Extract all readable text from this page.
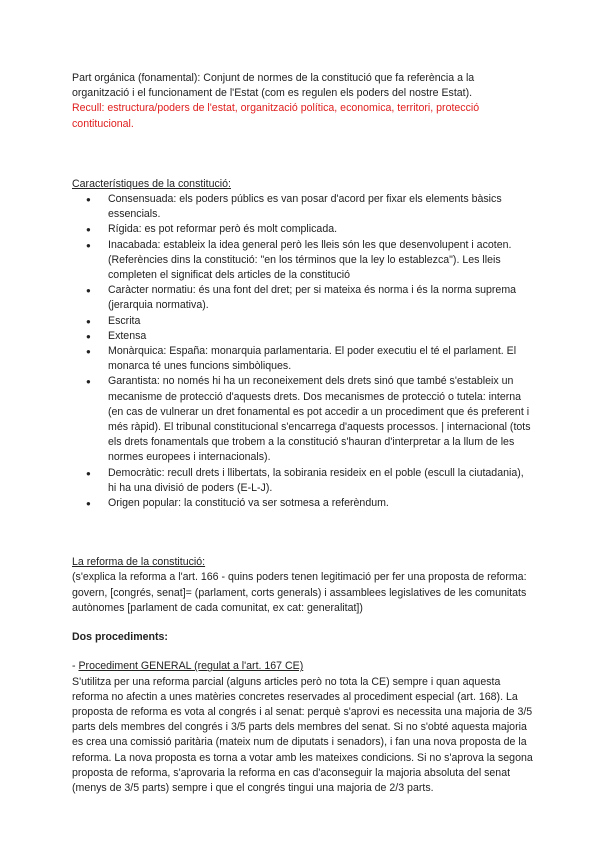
Part orgánica (fonamental): Conjunt de normes de la constitució que fa referència a la organització i el funcionament de l'Estat (com es regulen els poders del nostre Estat).

Recull: estructura/poders de l'estat, organització política, economica, territori, protecció contitucional.

Característiques de la constitució:

● Consensuada: els poders públics es van posar d'acord per fixar els elements bàsics essencials.
● Rígida: es pot reformar però és molt complicada.
● Inacabada: estableix la idea general però les lleis són les que desenvolupent i acoten. (Referències dins la constitució: "en los términos que la ley lo establezca"). Les lleis completen el significat dels articles de la constitució
● Caràcter normatiu: és una font del dret; per si mateixa és norma i és la norma suprema (jerarquia normativa).
● Escrita
● Extensa
● Monàrquica: España: monarquia parlamentaria. El poder executiu el té el parlament. El monarca té unes funcions simbòliques.
● Garantista: no només hi ha un reconeixement dels drets sinó que també s'estableix un mecanisme de protecció d'aquests drets. Dos mecanismes de protecció o tutela: interna (en cas de vulnerar un dret fonamental es pot accedir a un procediment que és preferent i més ràpid). El tribunal constitucional s'encarrega d'aquests processos. | internacional (tots els drets fonamentals que trobem a la constitució s'hauran d'interpretar a la llum de les normes europees i internacionals).
● Democràtic: recull drets i llibertats, la sobirania resideix en el poble (escull la ciutadania), hi ha una divisió de poders (E-L-J).
● Origen popular: la constitució va ser sotmesa a referèndum.

La reforma de la constitució:

(s'explica la reforma a l'art. 166 - quins poders tenen legitimació per fer una proposta de reforma: govern, [congrés, senat]= (parlament, corts generals) i assamblees legislatives de les comunitats autònomes [parlament de cada comunitat, ex cat: generalitat])

Dos procediments:

- Procediment GENERAL (regulat a l'art. 167 CE)

S'utilitza per una reforma parcial (alguns articles però no tota la CE) sempre i quan aquesta reforma no afectin a unes matèries concretes reservades al procediment especial (art. 168). La proposta de reforma es vota al congrés i al senat: perquè s'aprovi es necessita una majoria de 3/5 parts dels membres del congrés i 3/5 parts dels membres del senat. Si no s'obté aquesta majoria es crea una comissió paritària (mateix num de diputats i senadors), i fan una nova proposta de la reforma. La nova proposta es torna a votar amb les mateixes condicions. Si no s'aprova la segona proposta de reforma, s'aprovaria la reforma en cas d'aconseguir la majoria absoluta del senat (menys de 3/5 parts) sempre i que el congrés tingui una majoria de 2/3 parts.
